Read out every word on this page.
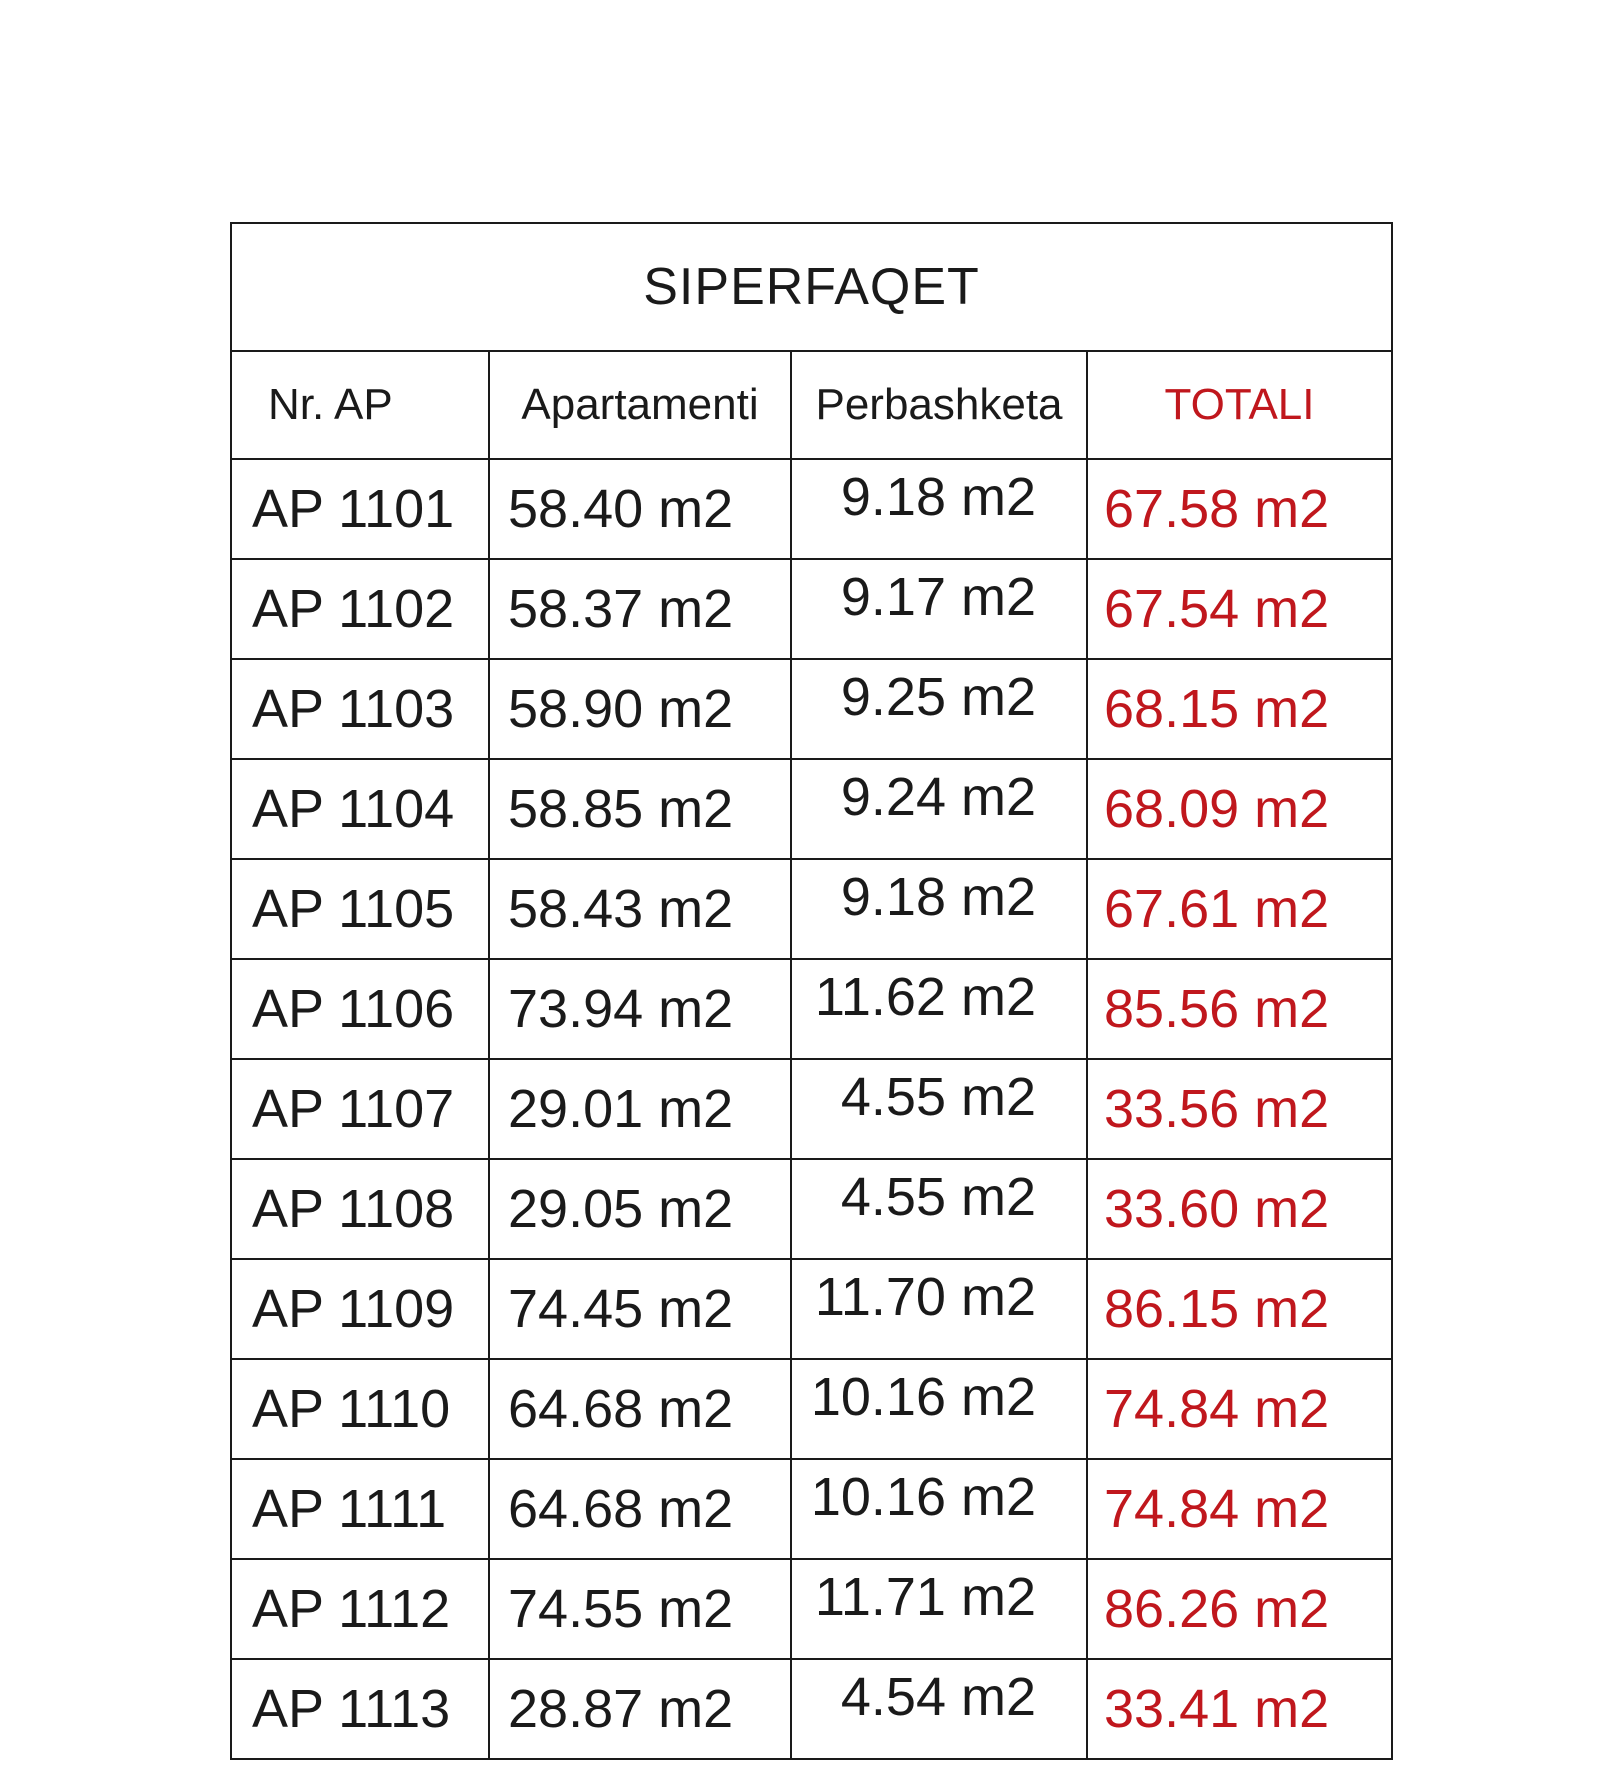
SIPERFAQET			
Nr. AP	Apartamenti	Perbashketa	TOTALI
AP 1101	58.40 m2	9.18 m2	67.58 m2
AP 1102	58.37 m2	9.17 m2	67.54 m2
AP 1103	58.90 m2	9.25 m2	68.15 m2
AP 1104	58.85 m2	9.24 m2	68.09 m2
AP 1105	58.43 m2	9.18 m2	67.61 m2
AP 1106	73.94 m2	11.62 m2	85.56 m2
AP 1107	29.01 m2	4.55 m2	33.56 m2
AP 1108	29.05 m2	4.55 m2	33.60 m2
AP 1109	74.45 m2	11.70 m2	86.15 m2
AP 1110	64.68 m2	10.16 m2	74.84 m2
AP 1111	64.68 m2	10.16 m2	74.84 m2
AP 1112	74.55 m2	11.71 m2	86.26 m2
AP 1113	28.87 m2	4.54 m2	33.41 m2
